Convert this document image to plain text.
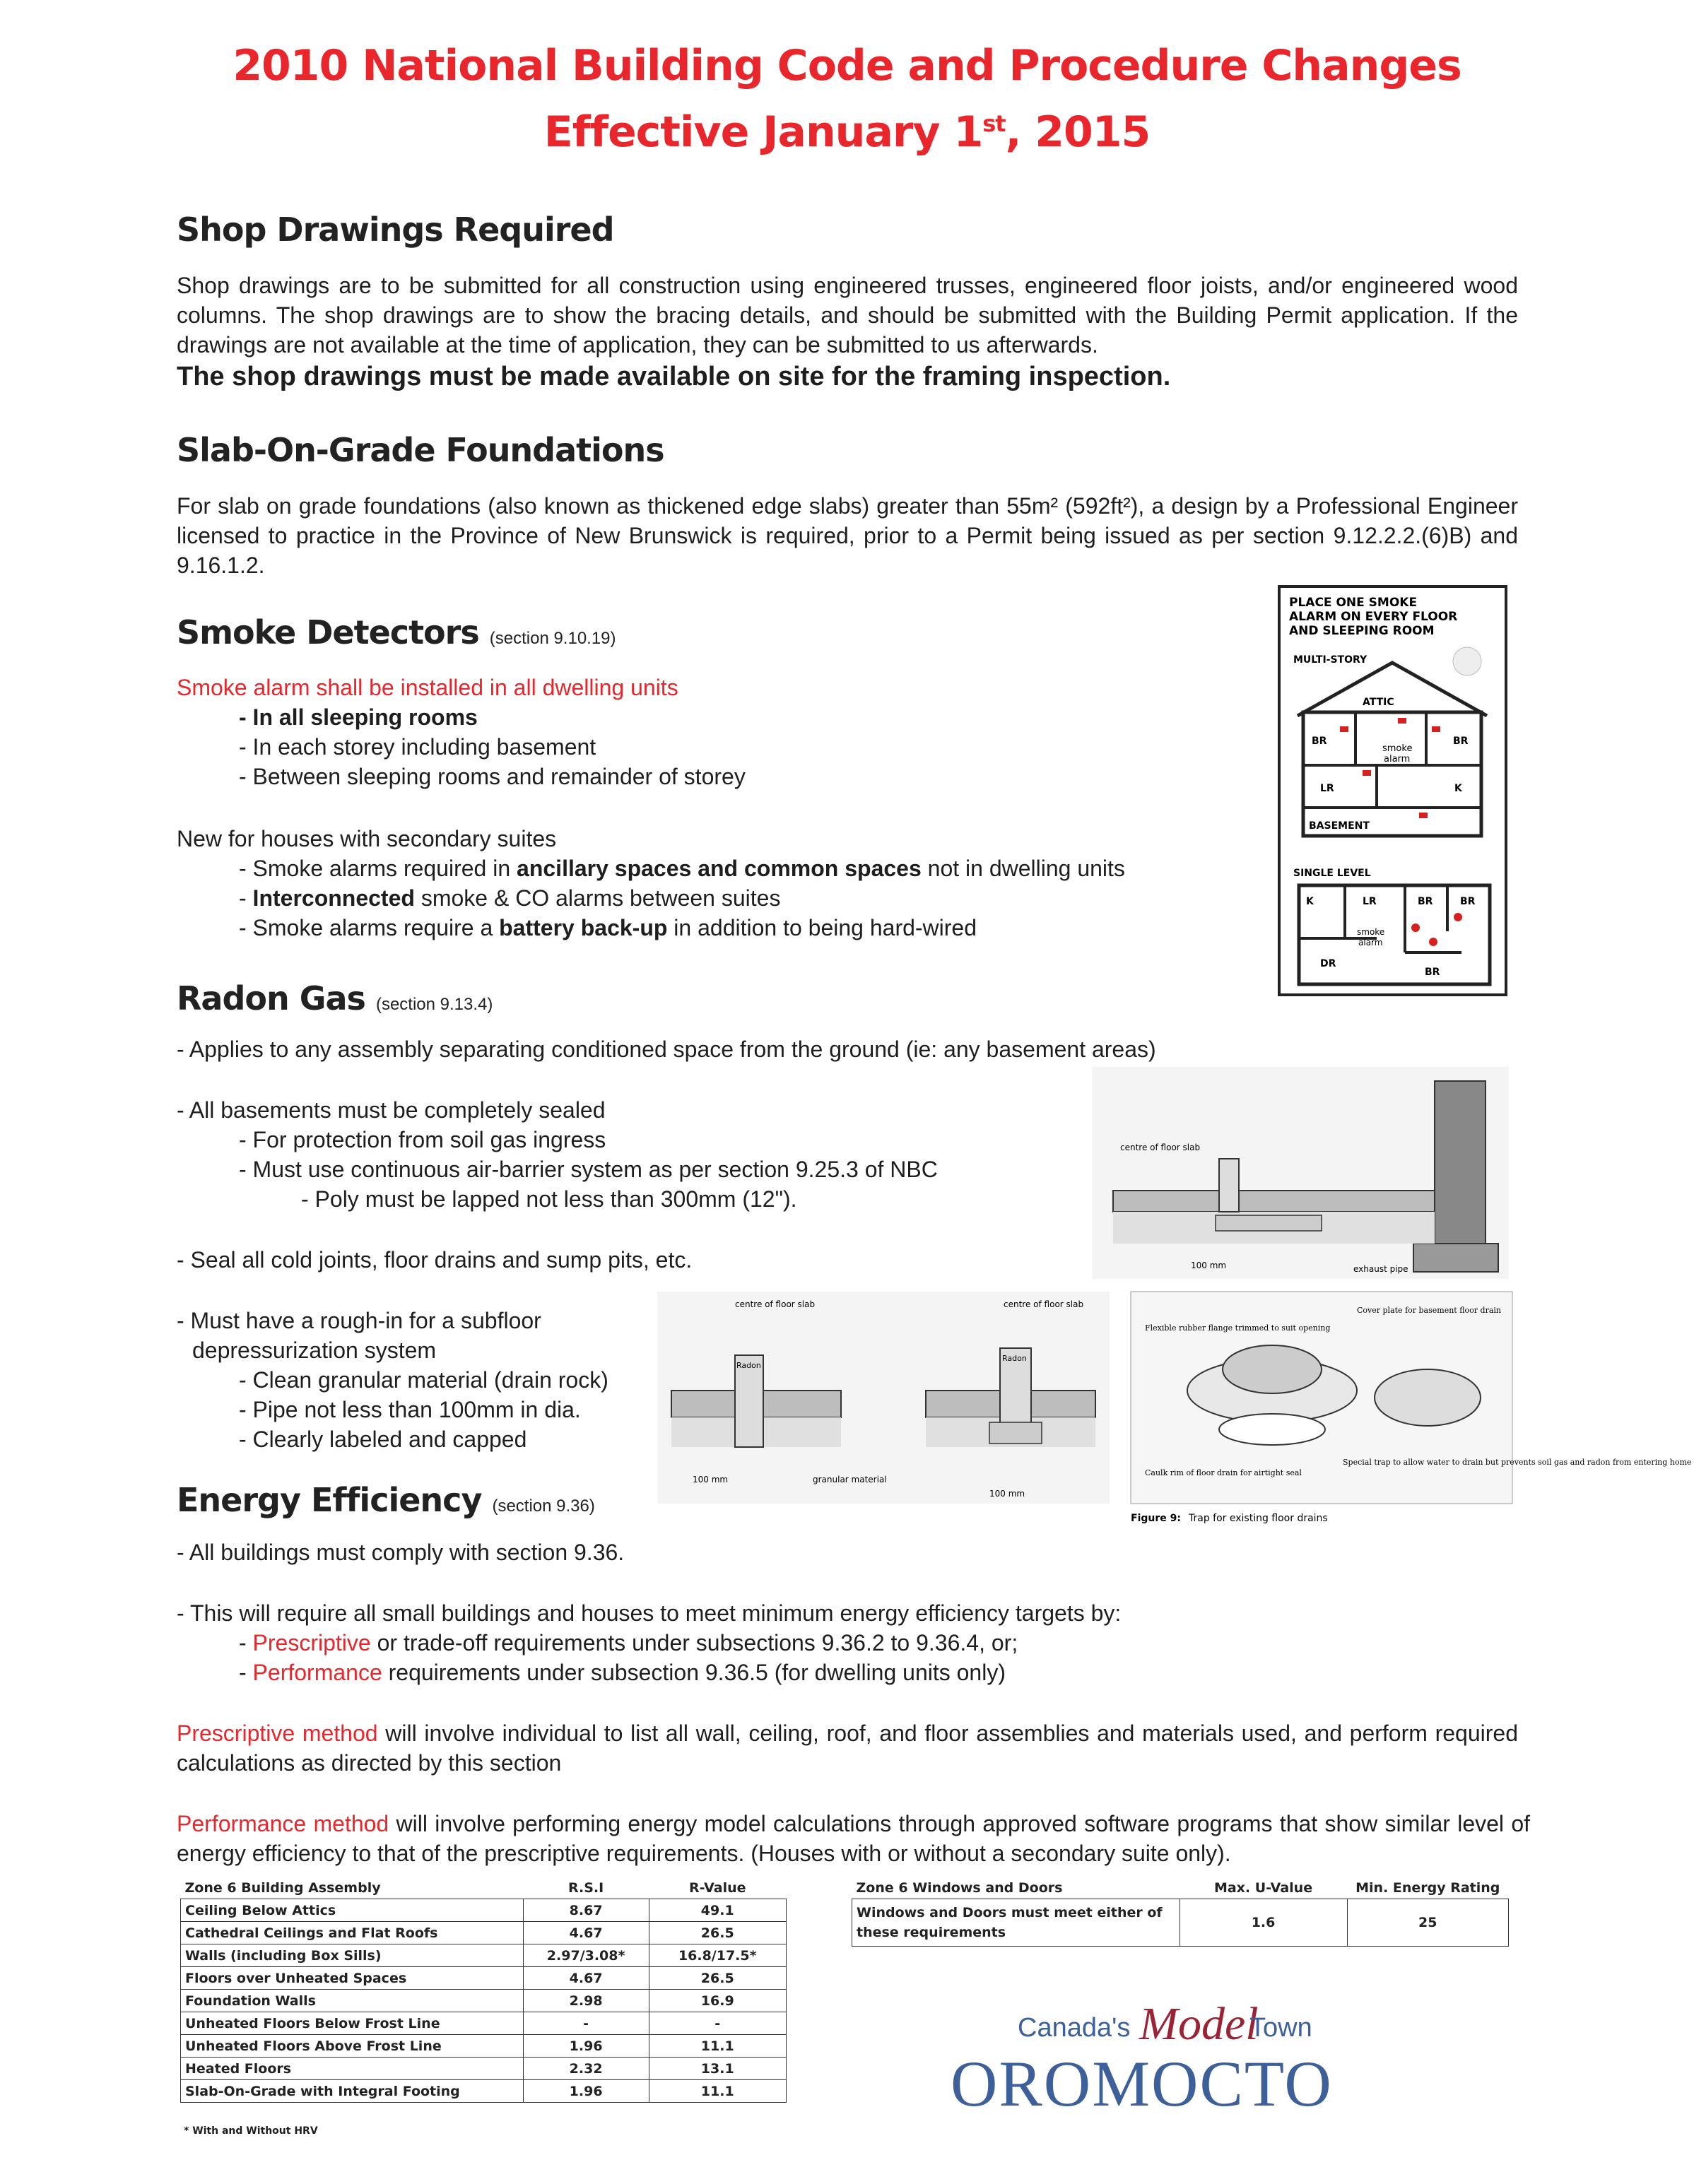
2010 National Building Code and Procedure Changes
Effective January 1st, 2015
Shop Drawings Required
Shop drawings are to be submitted for all construction using engineered trusses, engineered floor joists, and/or engineered wood columns. The shop drawings are to show the bracing details, and should be submitted with the Building Permit application. If the drawings are not available at the time of application, they can be submitted to us afterwards.
The shop drawings must be made available on site for the framing inspection.
Slab-On-Grade Foundations
For slab on grade foundations (also known as thickened edge slabs) greater than 55m² (592ft²), a design by a Professional Engineer licensed to practice in the Province of New Brunswick is required, prior to a Permit being issued as per section 9.12.2.2.(6)B) and 9.16.1.2.
Smoke Detectors (section 9.10.19)
Smoke alarm shall be installed in all dwelling units
- In all sleeping rooms
- In each storey including basement
- Between sleeping rooms and remainder of storey
New for houses with secondary suites
- Smoke alarms required in ancillary spaces and common spaces not in dwelling units
- Interconnected smoke & CO alarms between suites
- Smoke alarms require a battery back-up in addition to being hard-wired
PLACE ONE SMOKE
ALARM ON EVERY FLOOR
AND SLEEPING ROOM
MULTI-STORY
ATTIC
BR	BR
LR	K
smoke
alarm
BASEMENT
SINGLE LEVEL
K	LR	BR	BR
DR
BR
smoke
alarm
Radon Gas (section 9.13.4)
- Applies to any assembly separating conditioned space from the ground (ie: any basement areas)
- All basements must be completely sealed
- For protection from soil gas ingress
- Must use continuous air-barrier system as per section 9.25.3 of NBC
- Poly must be lapped not less than 300mm (12").
- Seal all cold joints, floor drains and sump pits, etc.
- Must have a rough-in for a subfloor
depressurization system
- Clean granular material (drain rock)
- Pipe not less than 100mm in dia.
- Clearly labeled and capped
centre of floor slab
100 mm	exhaust pipe
centre of floor slab	centre of floor slab
Radon
Radon
100 mm	granular material
100 mm
Flexible rubber flange trimmed to suit opening
Cover plate for basement floor drain
Caulk rim of floor drain for airtight seal
Special trap to allow water to drain but prevents soil gas and radon from entering home
Figure 9: Trap for existing floor drains
Energy Efficiency (section 9.36)
- All buildings must comply with section 9.36.
- This will require all small buildings and houses to meet minimum energy efficiency targets by:
- Prescriptive or trade-off requirements under subsections 9.36.2 to 9.36.4, or;
- Performance requirements under subsection 9.36.5 (for dwelling units only)
Prescriptive method will involve individual to list all wall, ceiling, roof, and floor assemblies and materials used, and perform required calculations as directed by this section
Performance method will involve performing energy model calculations through approved software programs that show similar level of energy efficiency to that of the prescriptive requirements. (Houses with or without a secondary suite only).
Zone 6 Building Assembly	R.S.I	R-Value
Ceiling Below Attics	8.67	49.1
Cathedral Ceilings and Flat Roofs	4.67	26.5
Walls (including Box Sills)	2.97/3.08*	16.8/17.5*
Floors over Unheated Spaces	4.67	26.5
Foundation Walls	2.98	16.9
Unheated Floors Below Frost Line	-	-
Unheated Floors Above Frost Line	1.96	11.1
Heated Floors	2.32	13.1
Slab-On-Grade with Integral Footing	1.96	11.1
* With and Without HRV
Zone 6 Windows and Doors	Max. U-Value	Min. Energy Rating
Windows and Doors must meet either of these requirements	1.6	25
Canada's Model
Town
OROMOCTO
